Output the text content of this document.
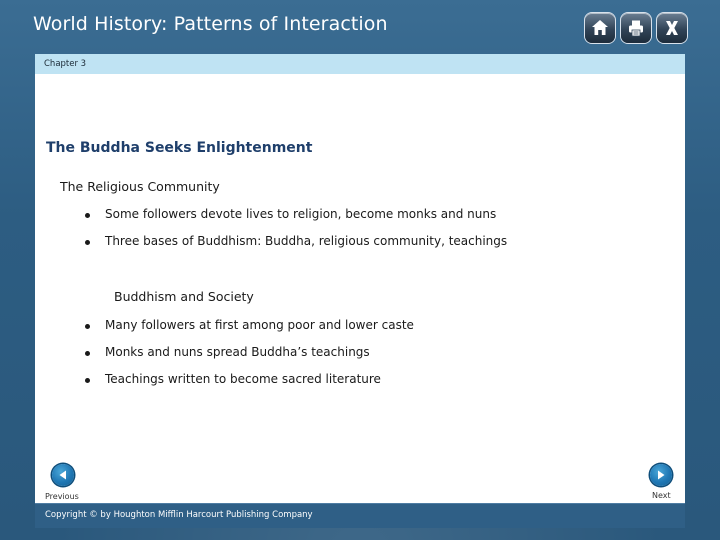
World History: Patterns of Interaction
Chapter 3
The Buddha Seeks Enlightenment
The Religious Community
Some followers devote lives to religion, become monks and nuns
Three bases of Buddhism: Buddha, religious community, teachings
Buddhism and Society
Many followers at first among poor and lower caste
Monks and nuns spread Buddha’s teachings
Teachings written to become sacred literature
Previous	Next
Copyright © by Houghton Mifflin Harcourt Publishing Company
